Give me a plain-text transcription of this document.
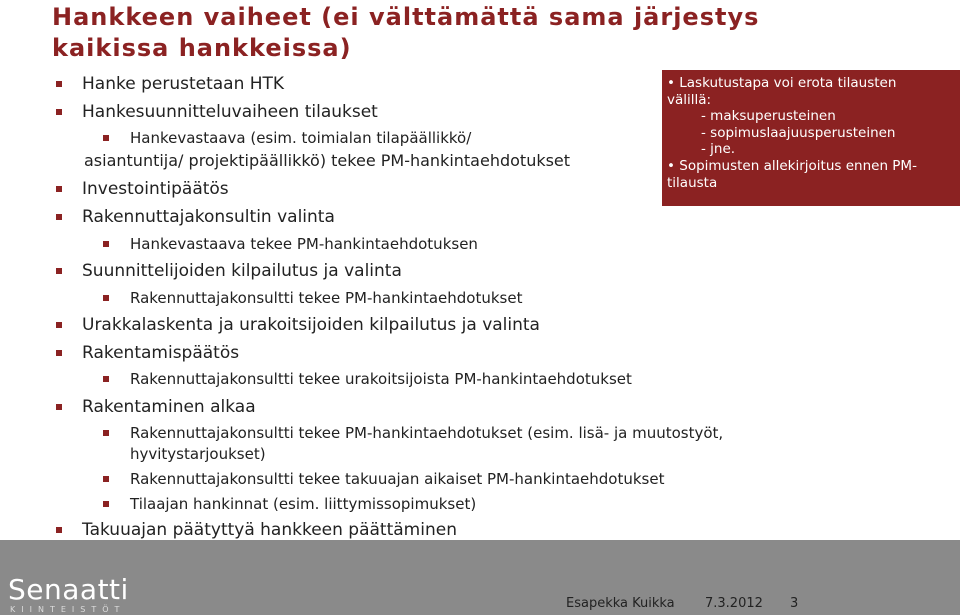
Hankkeen vaiheet (ei välttämättä sama järjestys
kaikissa hankkeissa)
Hanke perustetaan HTK
Hankesuunnitteluvaiheen tilaukset
Hankevastaava (esim. toimialan tilapäällikkö/
asiantuntija/ projektipäällikkö) tekee PM-hankintaehdotukset
Investointipäätös
Rakennuttajakonsultin valinta
Hankevastaava tekee PM-hankintaehdotuksen
Suunnittelijoiden kilpailutus ja valinta
Rakennuttajakonsultti tekee PM-hankintaehdotukset
Urakkalaskenta ja urakoitsijoiden kilpailutus ja valinta
Rakentamispäätös
Rakennuttajakonsultti tekee urakoitsijoista PM-hankintaehdotukset
Rakentaminen alkaa
Rakennuttajakonsultti tekee PM-hankintaehdotukset (esim. lisä- ja muutostyöt,
hyvitystarjoukset)
Rakennuttajakonsultti tekee takuuajan aikaiset PM-hankintaehdotukset
Tilaajan hankinnat (esim. liittymissopimukset)
Takuuajan päätyttyä hankkeen päättäminen
• Laskutustapa voi erota tilausten
välillä:
- maksuperusteinen
- sopimuslaajuusperusteinen
- jne.
• Sopimusten allekirjoitus ennen PM-
tilausta
Senaatti
KIINTEISTÖT	Esapekka Kuikka 7.3.2012 3
